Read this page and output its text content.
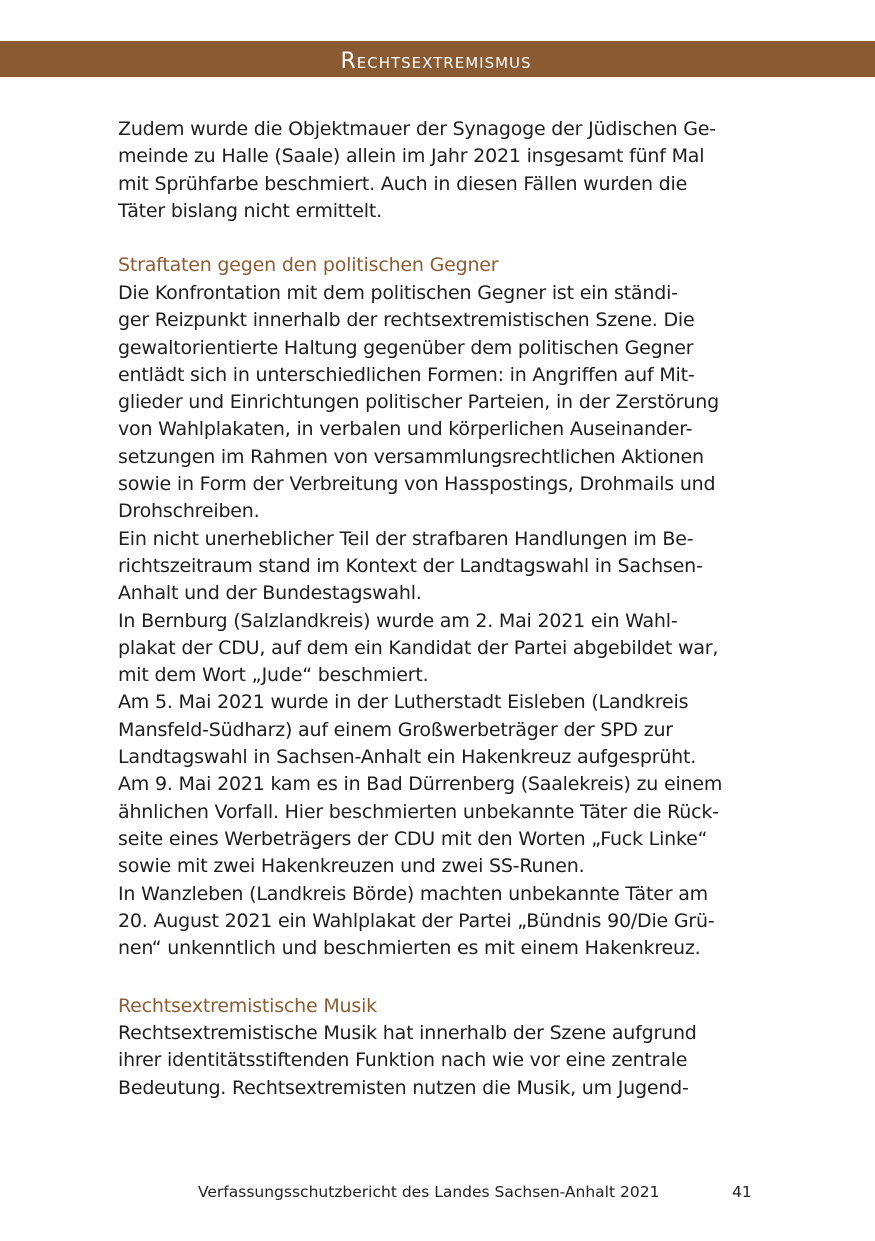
Rechtsextremismus
Zudem wurde die Objektmauer der Synagoge der Jüdischen Ge-
meinde zu Halle (Saale) allein im Jahr 2021 insgesamt fünf Mal
mit Sprühfarbe beschmiert. Auch in diesen Fällen wurden die
Täter bislang nicht ermittelt.
Straftaten gegen den politischen Gegner
Die Konfrontation mit dem politischen Gegner ist ein ständi-
ger Reizpunkt innerhalb der rechtsextremistischen Szene. Die
gewaltorientierte Haltung gegenüber dem politischen Gegner
entlädt sich in unterschiedlichen Formen: in Angriffen auf Mit-
glieder und Einrichtungen politischer Parteien, in der Zerstörung
von Wahlplakaten, in verbalen und körperlichen Auseinander-
setzungen im Rahmen von versammlungsrechtlichen Aktionen
sowie in Form der Verbreitung von Hasspostings, Drohmails und
Drohschreiben.
Ein nicht unerheblicher Teil der strafbaren Handlungen im Be-
richtszeitraum stand im Kontext der Landtagswahl in Sachsen-
Anhalt und der Bundestagswahl.
In Bernburg (Salzlandkreis) wurde am 2. Mai 2021 ein Wahl-
plakat der CDU, auf dem ein Kandidat der Partei abgebildet war,
mit dem Wort „Jude“ beschmiert.
Am 5. Mai 2021 wurde in der Lutherstadt Eisleben (Landkreis
Mansfeld-Südharz) auf einem Großwerbeträger der SPD zur
Landtagswahl in Sachsen-Anhalt ein Hakenkreuz aufgesprüht.
Am 9. Mai 2021 kam es in Bad Dürrenberg (Saalekreis) zu einem
ähnlichen Vorfall. Hier beschmierten unbekannte Täter die Rück-
seite eines Werbeträgers der CDU mit den Worten „Fuck Linke“
sowie mit zwei Hakenkreuzen und zwei SS-Runen.
In Wanzleben (Landkreis Börde) machten unbekannte Täter am
20. August 2021 ein Wahlplakat der Partei „Bündnis 90/Die Grü-
nen“ unkenntlich und beschmierten es mit einem Hakenkreuz.
Rechtsextremistische Musik
Rechtsextremistische Musik hat innerhalb der Szene aufgrund
ihrer identitätsstiftenden Funktion nach wie vor eine zentrale
Bedeutung. Rechtsextremisten nutzen die Musik, um Jugend-
Verfassungsschutzbericht des Landes Sachsen-Anhalt 2021	41
